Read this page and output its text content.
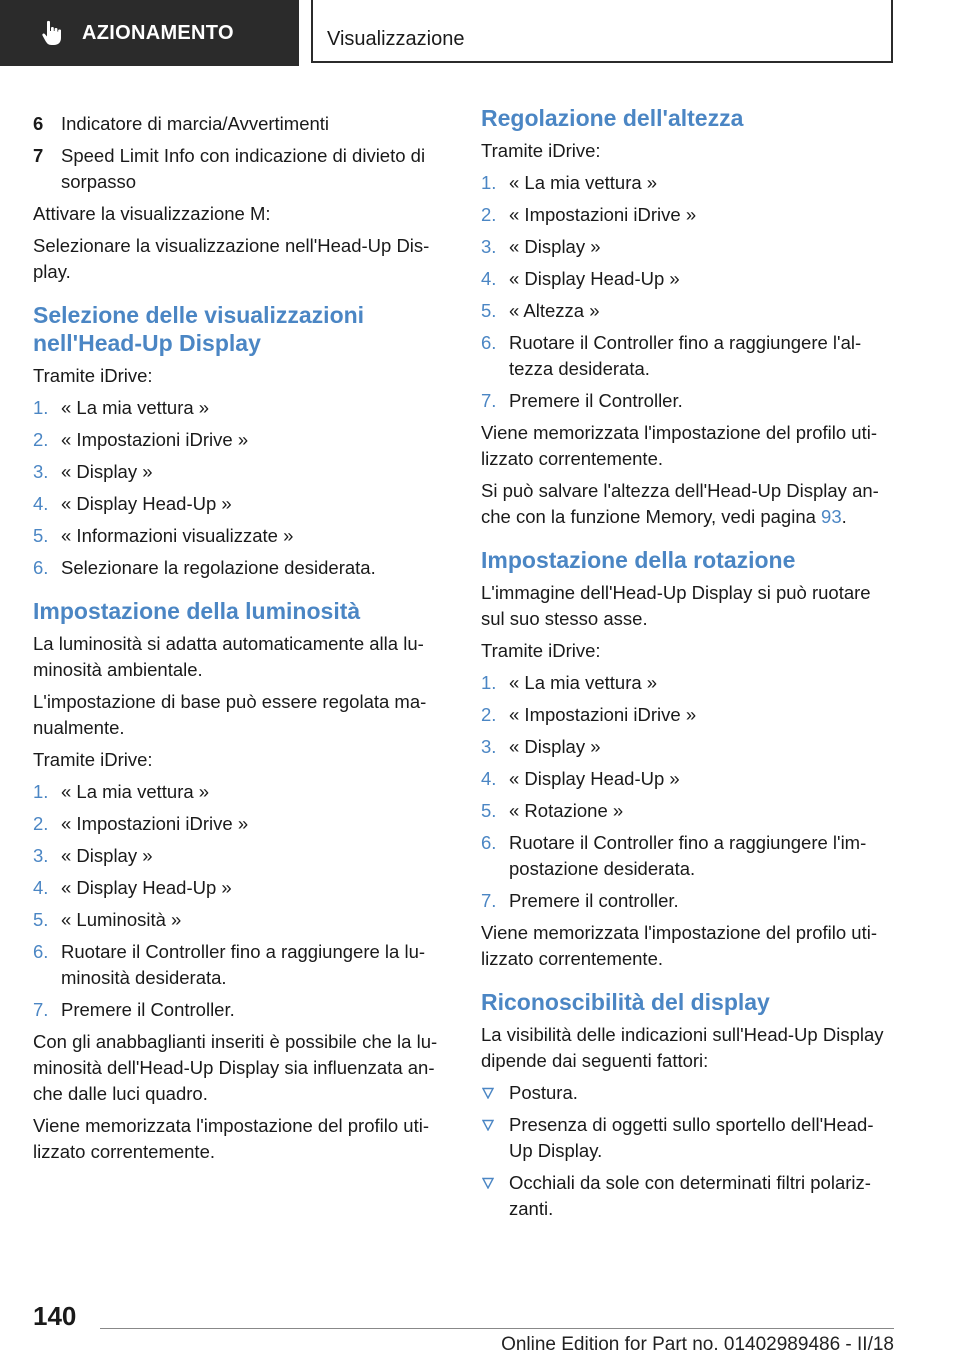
AZIONAMENTO	Visualizzazione
6 Indicatore di marcia/Avvertimenti
7 Speed Limit Info con indicazione di divieto di sorpasso

Attivare la visualizzazione M:

Selezionare la visualizzazione nell'Head-Up Dis-play.

Selezione delle visualizzazioni nell'Head-Up Display

Tramite iDrive:

1. « La mia vettura »
2. « Impostazioni iDrive »
3. « Display »
4. « Display Head-Up »
5. « Informazioni visualizzate »
6. Selezionare la regolazione desiderata.
Impostazione della luminosità

La luminosità si adatta automaticamente alla lu-minosità ambientale.

L'impostazione di base può essere regolata ma-nualmente.

Tramite iDrive:

1. « La mia vettura »
2. « Impostazioni iDrive »
3. « Display »
4. « Display Head-Up »
5. « Luminosità »
6. Ruotare il Controller fino a raggiungere la lu-minosità desiderata.
7. Premere il Controller.

Con gli anabbaglianti inseriti è possibile che la lu-minosità dell'Head-Up Display sia influenzata an-che dalle luci quadro.

Viene memorizzata l'impostazione del profilo uti-lizzato correntemente.

Regolazione dell'altezza

Tramite iDrive:

1. « La mia vettura »
2. « Impostazioni iDrive »
3. « Display »
4. « Display Head-Up »
5. « Altezza »
6. Ruotare il Controller fino a raggiungere l'al-tezza desiderata.
7. Premere il Controller.

Viene memorizzata l'impostazione del profilo uti-lizzato correntemente.

Si può salvare l'altezza dell'Head-Up Display an-che con la funzione Memory, vedi pagina 93.

Impostazione della rotazione

L'immagine dell'Head-Up Display si può ruotare sul suo stesso asse.

Tramite iDrive:

1. « La mia vettura »
2. « Impostazioni iDrive »
3. « Display »
4. « Display Head-Up »
5. « Rotazione »
6. Ruotare il Controller fino a raggiungere l'im-postazione desiderata.
7. Premere il controller.

Viene memorizzata l'impostazione del profilo uti-lizzato correntemente.

Riconoscibilità del display

La visibilità delle indicazioni sull'Head-Up Display dipende dai seguenti fattori:

Postura.
Presenza di oggetti sullo sportello dell'Head-Up Display.
Occhiali da sole con determinati filtri polariz-zanti.
140
Online Edition for Part no. 01402989486 - II/18
